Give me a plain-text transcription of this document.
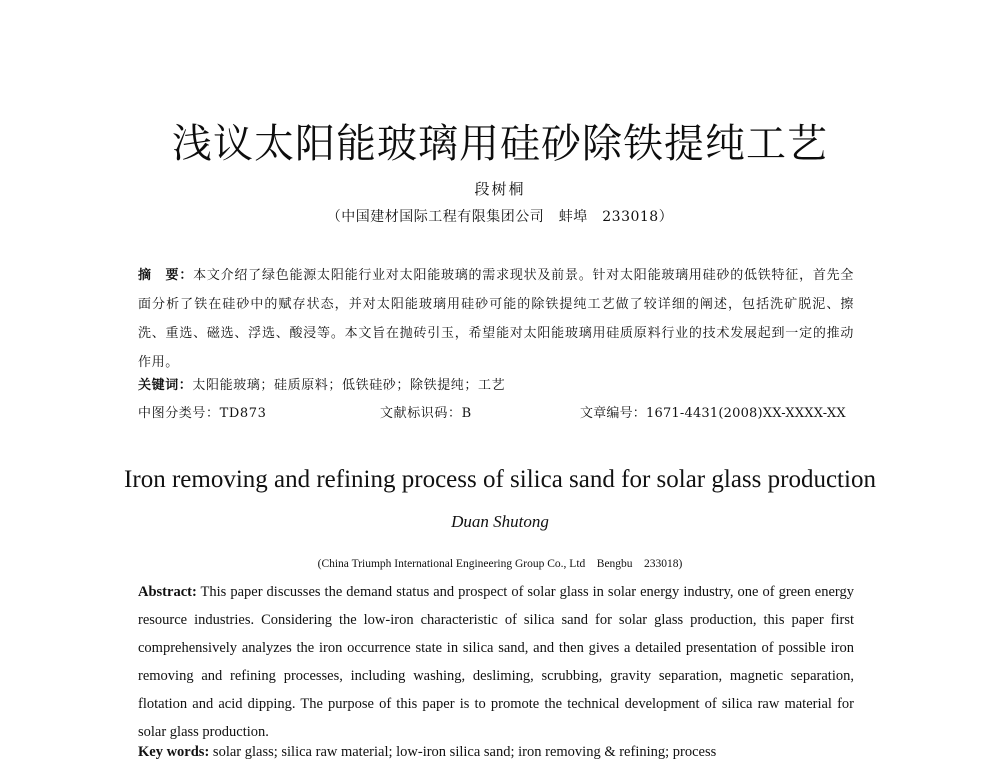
浅议太阳能玻璃用硅砂除铁提纯工艺
段树桐
（中国建材国际工程有限集团公司　蚌埠　233018）
摘　要：本文介绍了绿色能源太阳能行业对太阳能玻璃的需求现状及前景。针对太阳能玻璃用硅砂的低铁特征，首先全面分析了铁在硅砂中的赋存状态，并对太阳能玻璃用硅砂可能的除铁提纯工艺做了较详细的阐述，包括洗矿脱泥、擦洗、重选、磁选、浮选、酸浸等。本文旨在抛砖引玉，希望能对太阳能玻璃用硅质原料行业的技术发展起到一定的推动作用。
关键词：太阳能玻璃；硅质原料；低铁硅砂；除铁提纯；工艺
中图分类号：TD873	文献标识码：B	文章编号：1671-4431(2008)XX-XXXX-XX
Iron removing and refining process of silica sand for solar glass production
Duan Shutong
(China Triumph International Engineering Group Co., Ltd　Bengbu　233018)
Abstract: This paper discusses the demand status and prospect of solar glass in solar energy industry, one of green energy resource industries. Considering the low-iron characteristic of silica sand for solar glass production, this paper first comprehensively analyzes the iron occurrence state in silica sand, and then gives a detailed presentation of possible iron removing and refining processes, including washing, desliming, scrubbing, gravity separation, magnetic separation, flotation and acid dipping. The purpose of this paper is to promote the technical development of silica raw material for solar glass production.
Key words: solar glass; silica raw material; low-iron silica sand; iron removing & refining; process
